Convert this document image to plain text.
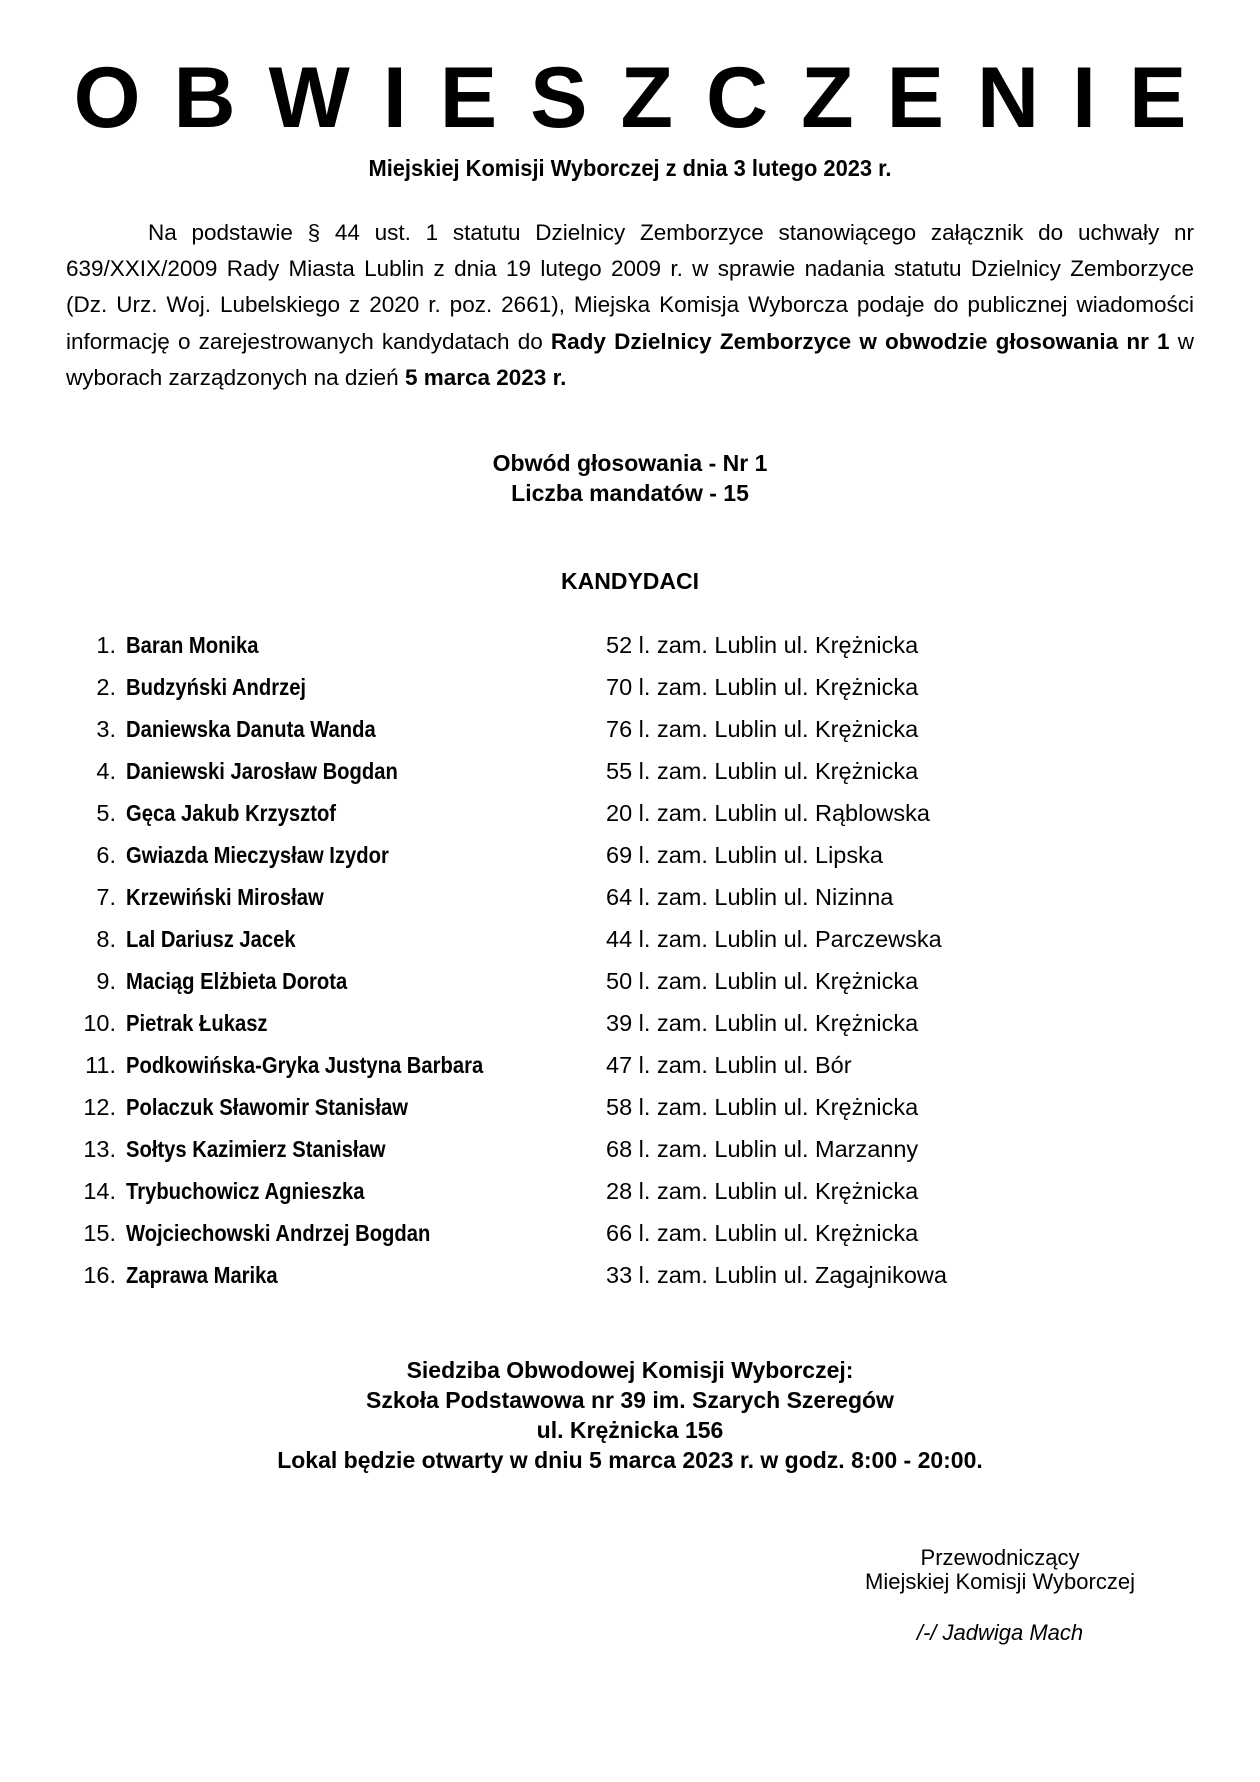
OBWIESZCZENIE
Miejskiej Komisji Wyborczej z dnia 3 lutego 2023 r.
Na podstawie § 44 ust. 1 statutu Dzielnicy Zemborzyce stanowiącego załącznik do uchwały nr 639/XXIX/2009 Rady Miasta Lublin z dnia 19 lutego 2009 r. w sprawie nadania statutu Dzielnicy Zemborzyce (Dz. Urz. Woj. Lubelskiego z 2020 r. poz. 2661), Miejska Komisja Wyborcza podaje do publicznej wiadomości informację o zarejestrowanych kandydatach do Rady Dzielnicy Zemborzyce w obwodzie głosowania nr 1 w wyborach zarządzonych na dzień 5 marca 2023 r.
Obwód głosowania - Nr 1
Liczba mandatów - 15
KANDYDACI
1. Baran Monika	52 l. zam. Lublin ul. Krężnicka
2. Budzyński Andrzej	70 l. zam. Lublin ul. Krężnicka
3. Daniewska Danuta Wanda	76 l. zam. Lublin ul. Krężnicka
4. Daniewski Jarosław Bogdan	55 l. zam. Lublin ul. Krężnicka
5. Gęca Jakub Krzysztof	20 l. zam. Lublin ul. Rąblowska
6. Gwiazda Mieczysław Izydor	69 l. zam. Lublin ul. Lipska
7. Krzewiński Mirosław	64 l. zam. Lublin ul. Nizinna
8. Lal Dariusz Jacek	44 l. zam. Lublin ul. Parczewska
9. Maciąg Elżbieta Dorota	50 l. zam. Lublin ul. Krężnicka
10. Pietrak Łukasz	39 l. zam. Lublin ul. Krężnicka
11. Podkowińska-Gryka Justyna Barbara	47 l. zam. Lublin ul. Bór
12. Polaczuk Sławomir Stanisław	58 l. zam. Lublin ul. Krężnicka
13. Sołtys Kazimierz Stanisław	68 l. zam. Lublin ul. Marzanny
14. Trybuchowicz Agnieszka	28 l. zam. Lublin ul. Krężnicka
15. Wojciechowski Andrzej Bogdan	66 l. zam. Lublin ul. Krężnicka
16. Zaprawa Marika	33 l. zam. Lublin ul. Zagajnikowa
Siedziba Obwodowej Komisji Wyborczej:
Szkoła Podstawowa nr 39 im. Szarych Szeregów
ul. Krężnicka 156
Lokal będzie otwarty w dniu 5 marca 2023 r. w godz. 8:00 - 20:00.
Przewodniczący
Miejskiej Komisji Wyborczej
/-/ Jadwiga Mach
